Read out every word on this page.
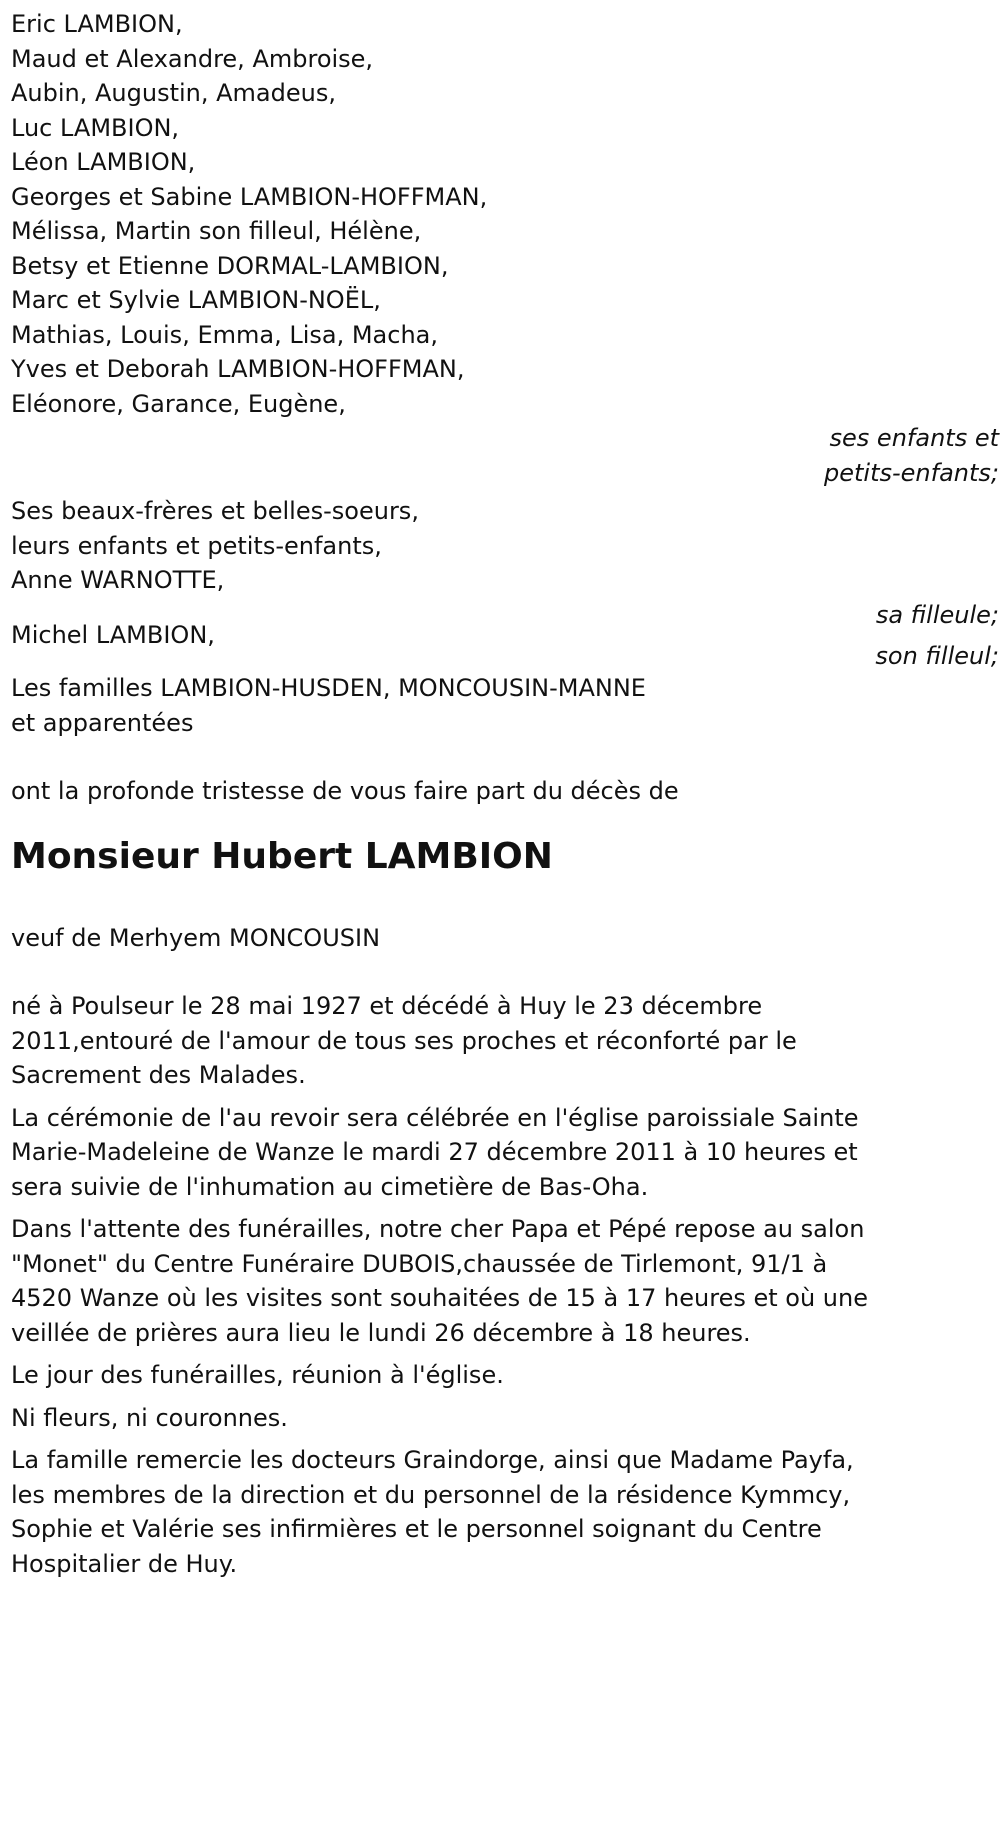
Eric LAMBION,
Maud et Alexandre, Ambroise,
Aubin, Augustin, Amadeus,
Luc LAMBION,
Léon LAMBION,
Georges et Sabine LAMBION-HOFFMAN,
Mélissa, Martin son filleul, Hélène,
Betsy et Etienne DORMAL-LAMBION,
Marc et Sylvie LAMBION-NOËL,
Mathias, Louis, Emma, Lisa, Macha,
Yves et Deborah LAMBION-HOFFMAN,
Eléonore, Garance, Eugène,
ses enfants et
petits-enfants;
Ses beaux-frères et belles-soeurs,
leurs enfants et petits-enfants,
Anne WARNOTTE,
sa filleule;
Michel LAMBION,
son filleul;
Les familles LAMBION-HUSDEN, MONCOUSIN-MANNE
et apparentées
ont la profonde tristesse de vous faire part du décès de
Monsieur Hubert LAMBION
veuf de Merhyem MONCOUSIN

né à Poulseur le 28 mai 1927 et décédé à Huy le 23 décembre 2011,entouré de l'amour de tous ses proches et réconforté par le Sacrement des Malades.

La cérémonie de l'au revoir sera célébrée en l'église paroissiale Sainte Marie-Madeleine de Wanze le mardi 27 décembre 2011 à 10 heures et sera suivie de l'inhumation au cimetière de Bas-Oha.

Dans l'attente des funérailles, notre cher Papa et Pépé repose au salon "Monet" du Centre Funéraire DUBOIS,chaussée de Tirlemont, 91/1 à 4520 Wanze où les visites sont souhaitées de 15 à 17 heures et où une veillée de prières aura lieu le lundi 26 décembre à 18 heures.

Le jour des funérailles, réunion à l'église.

Ni fleurs, ni couronnes.

La famille remercie les docteurs Graindorge, ainsi que Madame Payfa, les membres de la direction et du personnel de la résidence Kymmcy, Sophie et Valérie ses infirmières et le personnel soignant du Centre Hospitalier de Huy.
